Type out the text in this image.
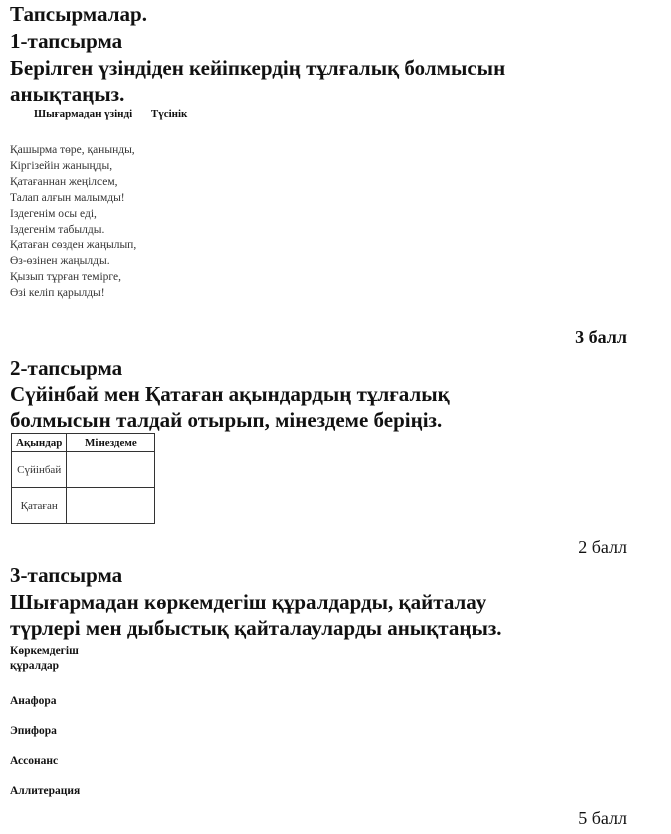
Тапсырмалар.
1-тапсырма
Берілген үзіндіден кейіпкердің тұлғалық болмысын
анықтаңыз.
Шығармадан үзінді Түсінік
Қашырма төре, қанынды,
Кіргізейін жаныңды,
Қатағаннан жеңілсем,
Талап алғын малымды!
Іздегенім осы еді,
Іздегенім табылды.
Қатаған сөзден жаңылып,
Өз-өзінен жаңылды.
Қызып тұрған темірге,
Өзі келіп қарылды!
3 балл
2-тапсырма
Сүйінбай мен Қатаған ақындардың тұлғалық
болмысын талдай отырып, мінездеме беріңіз.
Ақындар	Мінездеме
Сүйінбай	
Қатаған	
2 балл
3-тапсырма
Шығармадан көркемдегіш құралдарды, қайталау
түрлері мен дыбыстық қайталауларды анықтаңыз.
Көркемдегіш
құралдар
Анафора
Эпифора
Ассонанс
Аллитерация
5 балл
